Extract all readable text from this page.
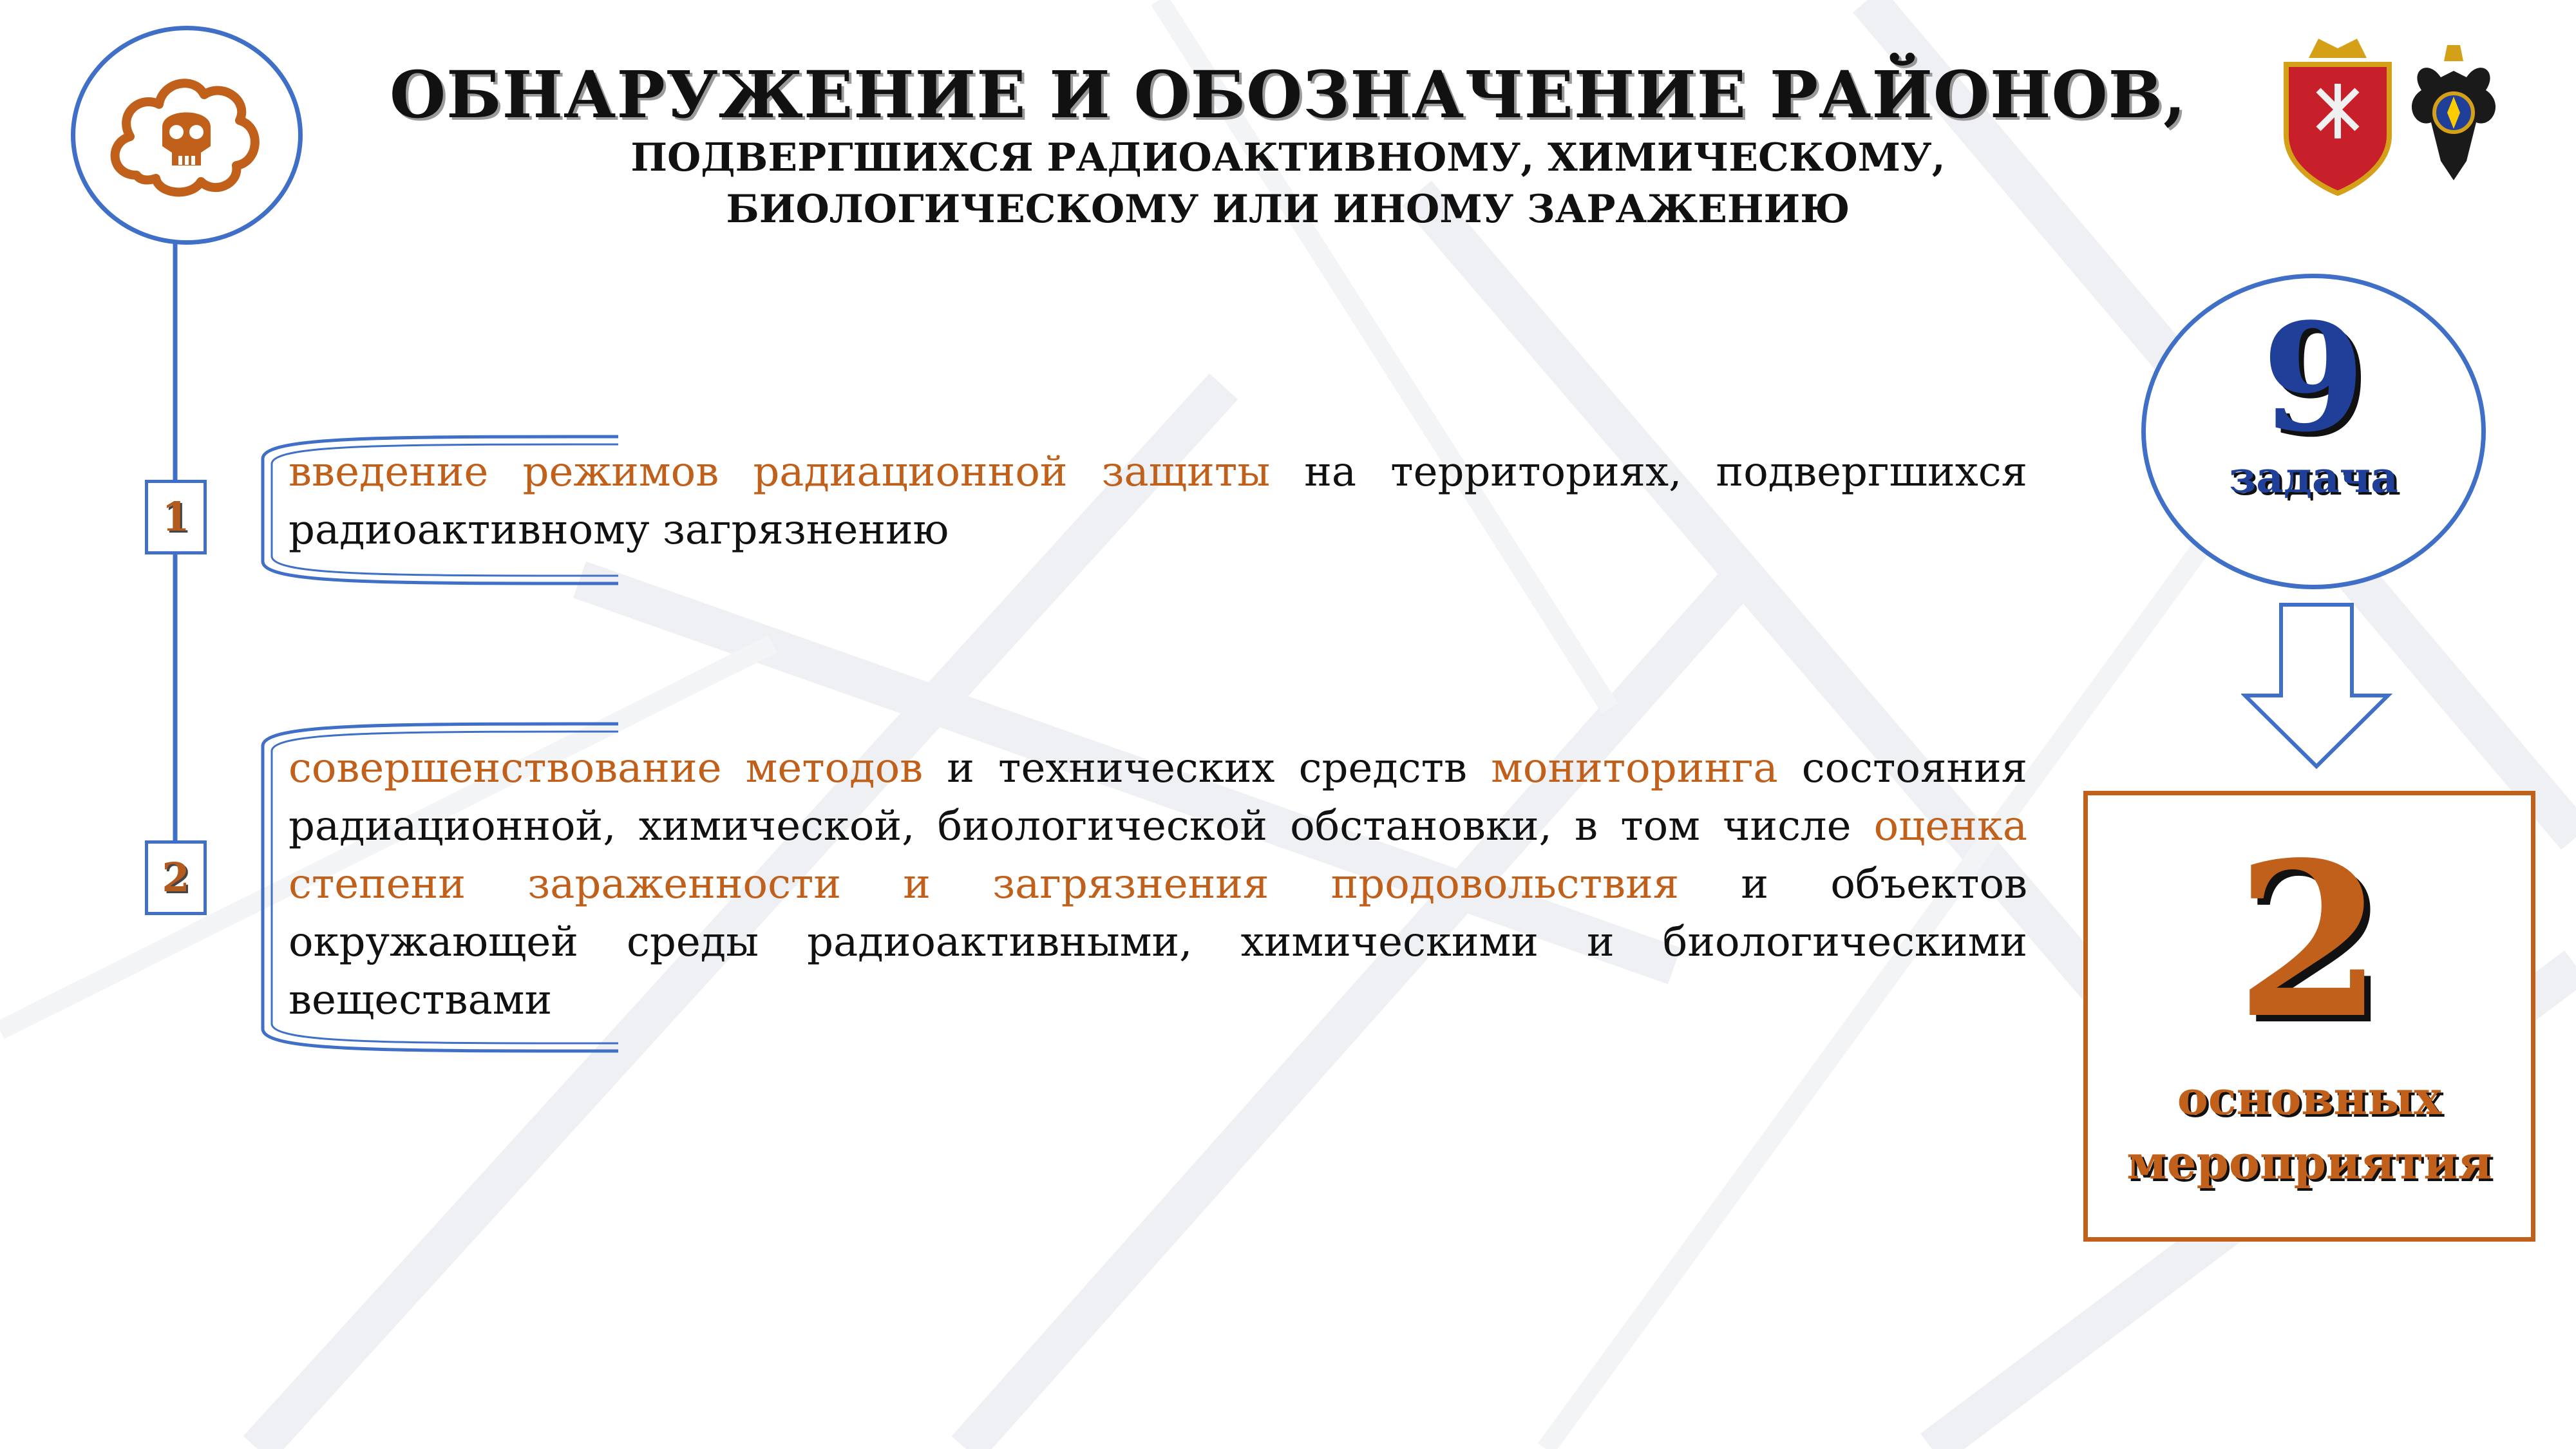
ОБНАРУЖЕНИЕ И ОБОЗНАЧЕНИЕ РАЙОНОВ,
ПОДВЕРГШИХСЯ РАДИОАКТИВНОМУ, ХИМИЧЕСКОМУ,
БИОЛОГИЧЕСКОМУ ИЛИ ИНОМУ ЗАРАЖЕНИЮ
1
введение режимов радиационной защиты на территориях, подвергшихся радиоактивному загрязнению
2
совершенствование методов и технических средств мониторинга состояния радиационной, химической, биологической обстановки, в том числе оценка степени зараженности и загрязнения продовольствия и объектов окружающей среды радиоактивными, химическими и биологическими веществами
9
задача
2
основных
мероприятия
